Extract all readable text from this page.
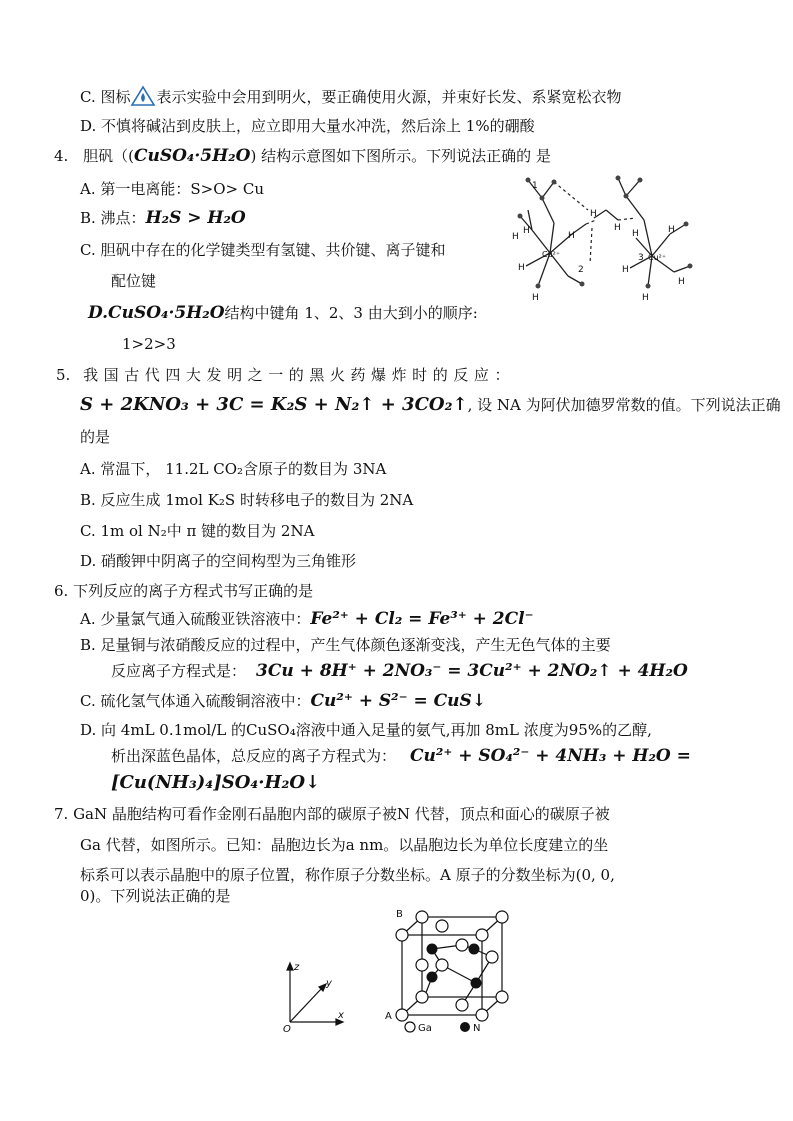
C. 图标 表示实验中会用到明火，要正确使用火源，并束好长发、系紧宽松衣物
D. 不慎将碱沾到皮肤上，应立即用大量水冲洗，然后涂上 1%的硼酸
4. 胆矾（(CuSO₄·5H₂O) 结构示意图如下图所示。下列说法正确的 是
A. 第一电离能：S>O> Cu
B. 沸点：H₂S > H₂O
C. 胆矾中存在的化学键类型有氢键、共价键、离子键和
配位键
D.CuSO₄·5H₂O结构中键角 1、2、3 由大到小的顺序:
1>2>3
H
H
H
H
H
H
H
H
H
H
H
H
Cu²⁺	Cu²⁺
1
2
3
5. 我 国 古 代 四 大 发 明 之 一 的 黑 火 药 爆 炸 时 的 反 应 ：
S + 2KNO₃ + 3C = K₂S + N₂↑ + 3CO₂↑, 设 NA 为阿伏加德罗常数的值。下列说法正确
的是
A. 常温下， 11.2L CO₂含原子的数目为 3NA
B. 反应生成 1mol K₂S 时转移电子的数目为 2NA
C. 1m ol N₂中 π 键的数目为 2NA
D. 硝酸钾中阴离子的空间构型为三角锥形
6. 下列反应的离子方程式书写正确的是
A. 少量氯气通入硫酸亚铁溶液中：Fe²⁺ + Cl₂ = Fe³⁺ + 2Cl⁻
B. 足量铜与浓硝酸反应的过程中，产生气体颜色逐渐变浅，产生无色气体的主要
反应离子方程式是： 3Cu + 8H⁺ + 2NO₃⁻ = 3Cu²⁺ + 2NO₂↑ + 4H₂O
C. 硫化氢气体通入硫酸铜溶液中：Cu²⁺ + S²⁻ = CuS↓
D. 向 4mL 0.1mol/L 的CuSO₄溶液中通入足量的氨气,再加 8mL 浓度为95%的乙醇,
析出深蓝色晶体，总反应的离子方程式为： Cu²⁺ + SO₄²⁻ + 4NH₃ + H₂O =
[Cu(NH₃)₄]SO₄·H₂O↓
7. GaN 晶胞结构可看作金刚石晶胞内部的碳原子被N 代替，顶点和面心的碳原子被
Ga 代替，如图所示。已知：晶胞边长为a nm。以晶胞边长为单位长度建立的坐
标系可以表示晶胞中的原子位置，称作原子分数坐标。A 原子的分数坐标为(0, 0,
0)。下列说法正确的是
z
y
x
O
B
A
Ga	N
